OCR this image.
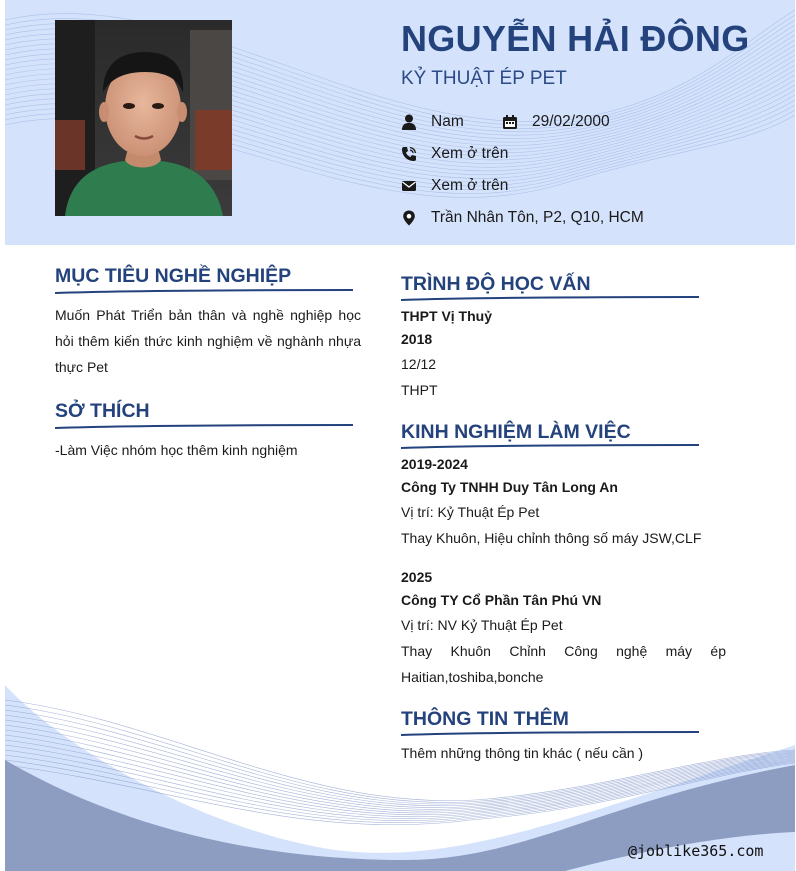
NGUYỄN HẢI ĐÔNG
KỶ THUẬT ÉP PET
Nam	29/02/2000
Xem ở trên
Xem ở trên
Trần Nhân Tôn, P2, Q10, HCM
MỤC TIÊU NGHỀ NGHIỆP
Muốn Phát Triển bản thân và nghề nghiệp học hỏi thêm kiến thức kinh nghiệm về nghành nhựa thực Pet
SỞ THÍCH
-Làm Việc nhóm học thêm kinh nghiệm
TRÌNH ĐỘ HỌC VẤN
THPT Vị Thuỷ
2018
12/12
THPT
KINH NGHIỆM LÀM VIỆC
2019-2024
Công Ty TNHH Duy Tân Long An
Vị trí: Kỷ Thuật Ép Pet
Thay Khuôn, Hiệu chỉnh thông số máy JSW,CLF
2025
Công TY Cổ Phần Tân Phú VN
Vị trí: NV Kỷ Thuật Ép Pet
Thay Khuôn Chỉnh Công nghệ máy ép Haitian,toshiba,bonche
THÔNG TIN THÊM
Thêm những thông tin khác ( nếu cần )
@joblike365.com
